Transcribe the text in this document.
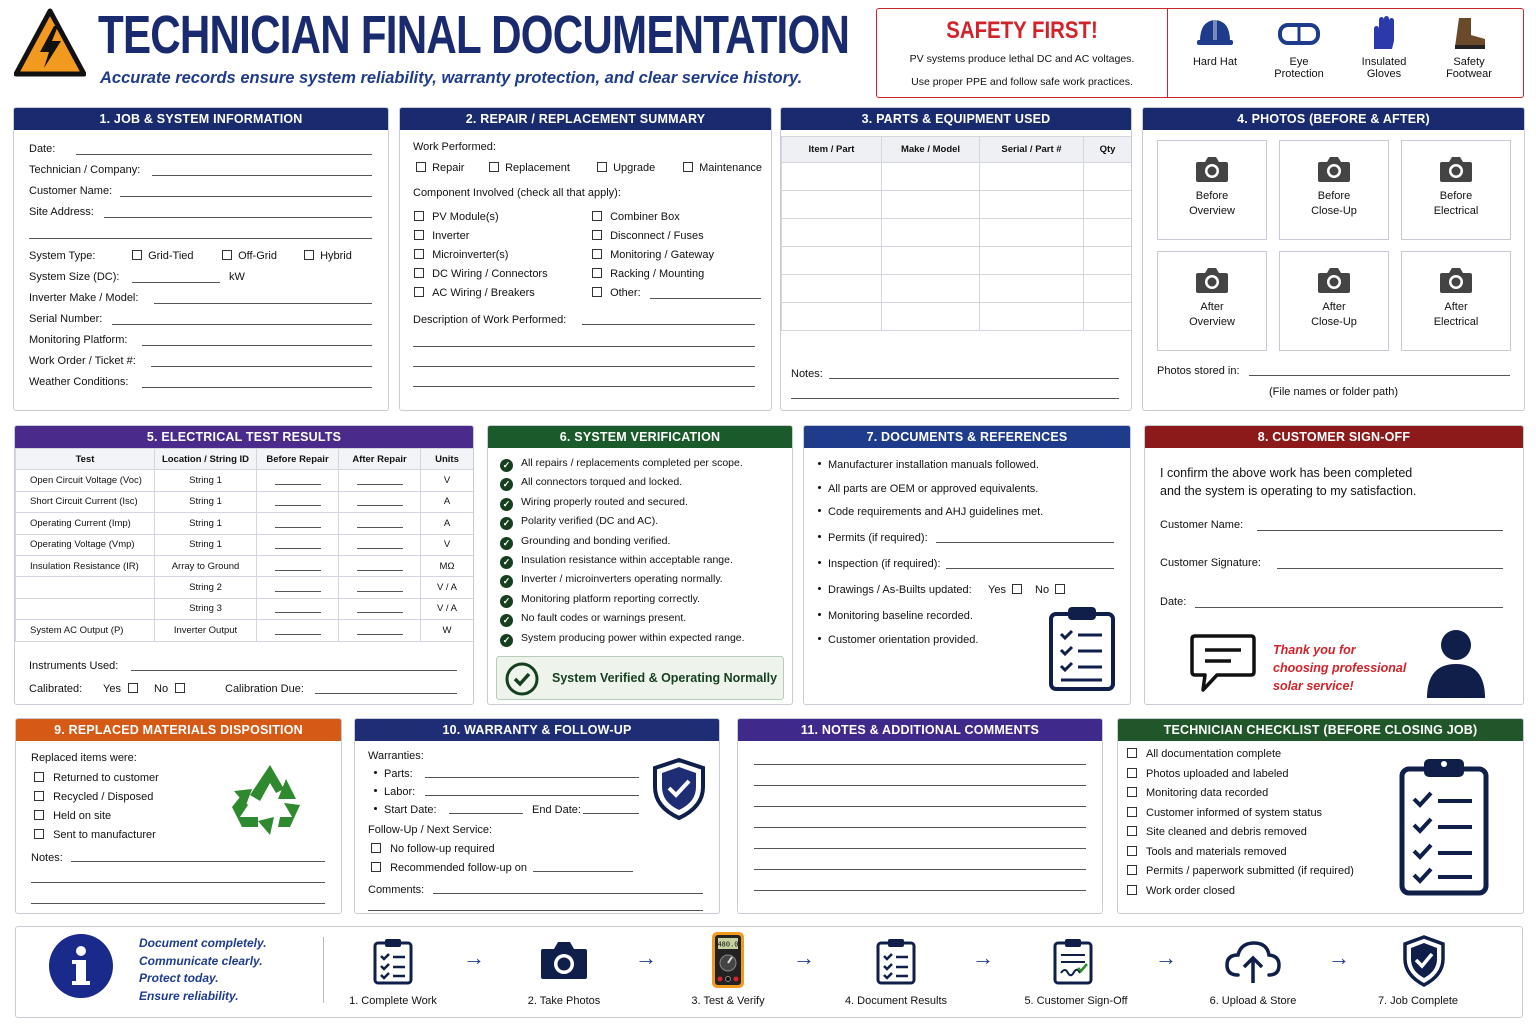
TECHNICIAN FINAL DOCUMENTATION
Accurate records ensure system reliability, warranty protection, and clear service history.
SAFETY FIRST!
PV systems produce lethal DC and AC voltages.
Use proper PPE and follow safe work practices.
Hard Hat	Eye
Protection
Insulated
Gloves
Safety
Footwear
1. JOB & SYSTEM INFORMATION
Date:
Technician / Company:
Customer Name:
Site Address:
System Type:	Grid-Tied	Off-Grid	Hybrid
System Size (DC):	kW
Inverter Make / Model:
Serial Number:
Monitoring Platform:
Work Order / Ticket #:
Weather Conditions:
2. REPAIR / REPLACEMENT SUMMARY
Work Performed:
Repair	Replacement	Upgrade	Maintenance
Component Involved (check all that apply):
PV Module(s)
Inverter
Microinverter(s)
DC Wiring / Connectors
AC Wiring / Breakers
Combiner Box
Disconnect / Fuses
Monitoring / Gateway
Racking / Mounting
Other:
Description of Work Performed:
3. PARTS & EQUIPMENT USED
Item / Part	Make / Model	Serial / Part #	Qty

Notes:
4. PHOTOS (BEFORE & AFTER)
Before
Overview
Before
Close-Up
Before
Electrical
After
Overview
After
Close-Up
After
Electrical
Photos stored in:
(File names or folder path)
5. ELECTRICAL TEST RESULTS
Test	Location / String ID	Before Repair	After Repair	Units
Open Circuit Voltage (Voc)	String 1			V
Short Circuit Current (Isc)	String 1			A
Operating Current (Imp)	String 1			A
Operating Voltage (Vmp)	String 1			V
Insulation Resistance (IR)	Array to Ground			MΩ
	String 2			V / A
	String 3			V / A
System AC Output (P)	Inverter Output			W
Instruments Used:
Calibrated: Yes	No	Calibration Due:
6. SYSTEM VERIFICATION
✓ All repairs / replacements completed per scope.
✓ All connectors torqued and locked.
✓ Wiring properly routed and secured.
✓ Polarity verified (DC and AC).
✓ Grounding and bonding verified.
✓ Insulation resistance within acceptable range.
✓ Inverter / microinverters operating normally.
✓ Monitoring platform reporting correctly.
✓ No fault codes or warnings present.
✓ System producing power within expected range.
System Verified & Operating Normally
7. DOCUMENTS & REFERENCES
Manufacturer installation manuals followed.
All parts are OEM or approved equivalents.
Code requirements and AHJ guidelines met.
Permits (if required):
Inspection (if required):
Drawings / As-Builts updated: Yes	No
Monitoring baseline recorded.
Customer orientation provided.
8. CUSTOMER SIGN-OFF
I confirm the above work has been completed
and the system is operating to my satisfaction.
Customer Name:
Customer Signature:
Date:
Thank you for
choosing professional
solar service!
9. REPLACED MATERIALS DISPOSITION
Replaced items were:
Returned to customer
Recycled / Disposed
Held on site
Sent to manufacturer
Notes:
10. WARRANTY & FOLLOW-UP
Warranties:
Parts:
Labor:
Start Date:	End Date:
Follow-Up / Next Service:
No follow-up required
Recommended follow-up on
Comments:
11. NOTES & ADDITIONAL COMMENTS	TECHNICIAN CHECKLIST (BEFORE CLOSING JOB)
All documentation complete
Photos uploaded and labeled
Monitoring data recorded
Customer informed of system status
Site cleaned and debris removed
Tools and materials removed
Permits / paperwork submitted (if required)
Work order closed
Document completely.
Communicate clearly.
Protect today.
Ensure reliability.	1. Complete Work
→
2. Take Photos
→
480.0
3. Test & Verify
→
4. Document Results
→
5. Customer Sign-Off
→
6. Upload & Store
→
7. Job Complete
